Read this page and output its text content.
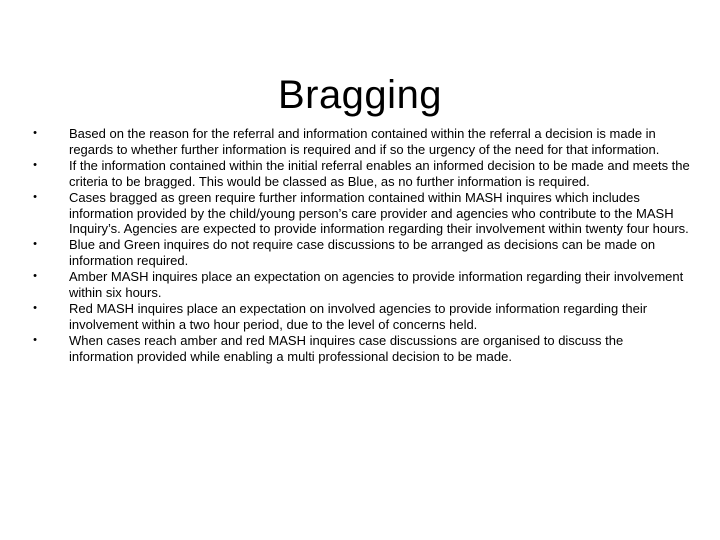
Bragging
• Based on the reason for the referral and information contained within the referral a decision is made in regards to whether further information is required and if so the urgency of the need for that information.
• If the information contained within the initial referral enables an informed decision to be made and meets the criteria to be bragged. This would be classed as Blue, as no further information is required.
• Cases bragged as green require further information contained within MASH inquires which includes information provided by the child/young person’s care provider and agencies who contribute to the MASH Inquiry’s. Agencies are expected to provide information regarding their involvement within twenty four hours.
• Blue and Green inquires do not require case discussions to be arranged as decisions can be made on information required.
• Amber MASH inquires place an expectation on agencies to provide information regarding their involvement within six hours.
• Red MASH inquires place an expectation on involved agencies to provide information regarding their involvement within a two hour period, due to the level of concerns held.
• When cases reach amber and red MASH inquires case discussions are organised to discuss the information provided while enabling a multi professional decision to be made.
